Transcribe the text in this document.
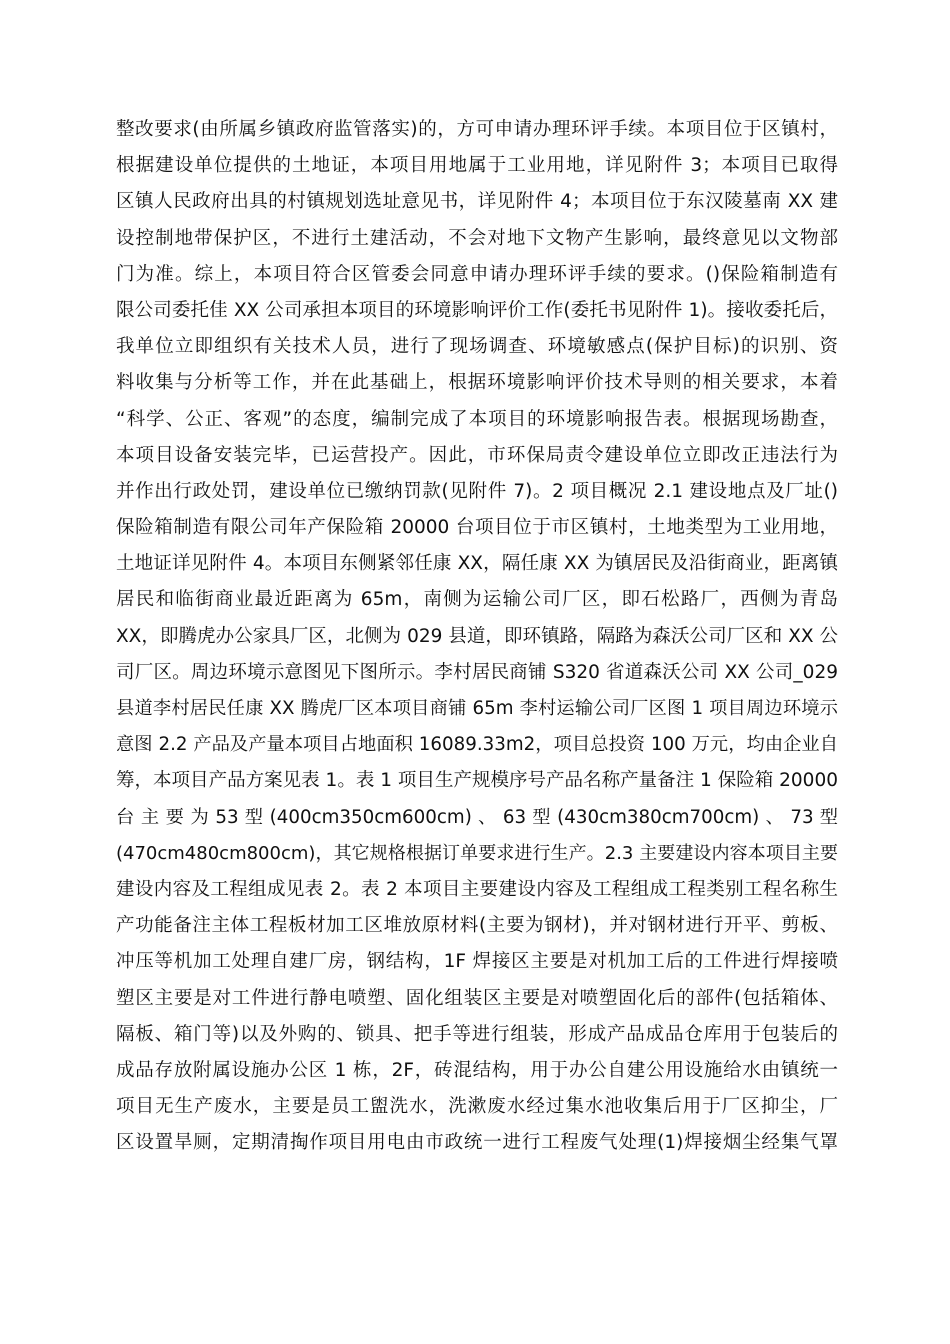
整改要求(由所属乡镇政府监管落实)的，方可申请办理环评手续。本项目位于区镇村，
根据建设单位提供的土地证，本项目用地属于工业用地，详见附件 3；本项目已取得
区镇人民政府出具的村镇规划选址意见书，详见附件 4；本项目位于东汉陵墓南 XX 建
设控制地带保护区，不进行土建活动，不会对地下文物产生影响，最终意见以文物部
门为准。综上，本项目符合区管委会同意申请办理环评手续的要求。()保险箱制造有
限公司委托佳 XX 公司承担本项目的环境影响评价工作(委托书见附件 1)。接收委托后，
我单位立即组织有关技术人员，进行了现场调查、环境敏感点(保护目标)的识别、资
料收集与分析等工作，并在此基础上，根据环境影响评价技术导则的相关要求，本着
“科学、公正、客观”的态度，编制完成了本项目的环境影响报告表。根据现场勘查，
本项目设备安装完毕，已运营投产。因此，市环保局责令建设单位立即改正违法行为
并作出行政处罚，建设单位已缴纳罚款(见附件 7)。2 项目概况 2.1 建设地点及厂址()
保险箱制造有限公司年产保险箱 20000 台项目位于市区镇村，土地类型为工业用地，
土地证详见附件 4。本项目东侧紧邻任康 XX，隔任康 XX 为镇居民及沿街商业，距离镇
居民和临街商业最近距离为 65m，南侧为运输公司厂区，即石松路厂，西侧为青岛
XX，即腾虎办公家具厂区，北侧为 029 县道，即环镇路，隔路为森沃公司厂区和 XX 公
司厂区。周边环境示意图见下图所示。李村居民商铺 S320 省道森沃公司 XX 公司_029
县道李村居民任康 XX 腾虎厂区本项目商铺 65m 李村运输公司厂区图 1 项目周边环境示
意图 2.2 产品及产量本项目占地面积 16089.33m2，项目总投资 100 万元，均由企业自
筹，本项目产品方案见表 1。表 1 项目生产规模序号产品名称产量备注 1 保险箱 20000
台 主 要 为 53 型 (400cm350cm600cm) 、 63 型 (430cm380cm700cm) 、 73 型
(470cm480cm800cm)，其它规格根据订单要求进行生产。2.3 主要建设内容本项目主要
建设内容及工程组成见表 2。表 2 本项目主要建设内容及工程组成工程类别工程名称生
产功能备注主体工程板材加工区堆放原材料(主要为钢材)，并对钢材进行开平、剪板、
冲压等机加工处理自建厂房，钢结构，1F 焊接区主要是对机加工后的工件进行焊接喷
塑区主要是对工件进行静电喷塑、固化组装区主要是对喷塑固化后的部件(包括箱体、
隔板、箱门等)以及外购的、锁具、把手等进行组装，形成产品成品仓库用于包装后的
成品存放附属设施办公区 1 栋，2F，砖混结构，用于办公自建公用设施给水由镇统一
项目无生产废水，主要是员工盥洗水，洗漱废水经过集水池收集后用于厂区抑尘，厂
区设置旱厕，定期清掏作项目用电由市政统一进行工程废气处理(1)焊接烟尘经集气罩
